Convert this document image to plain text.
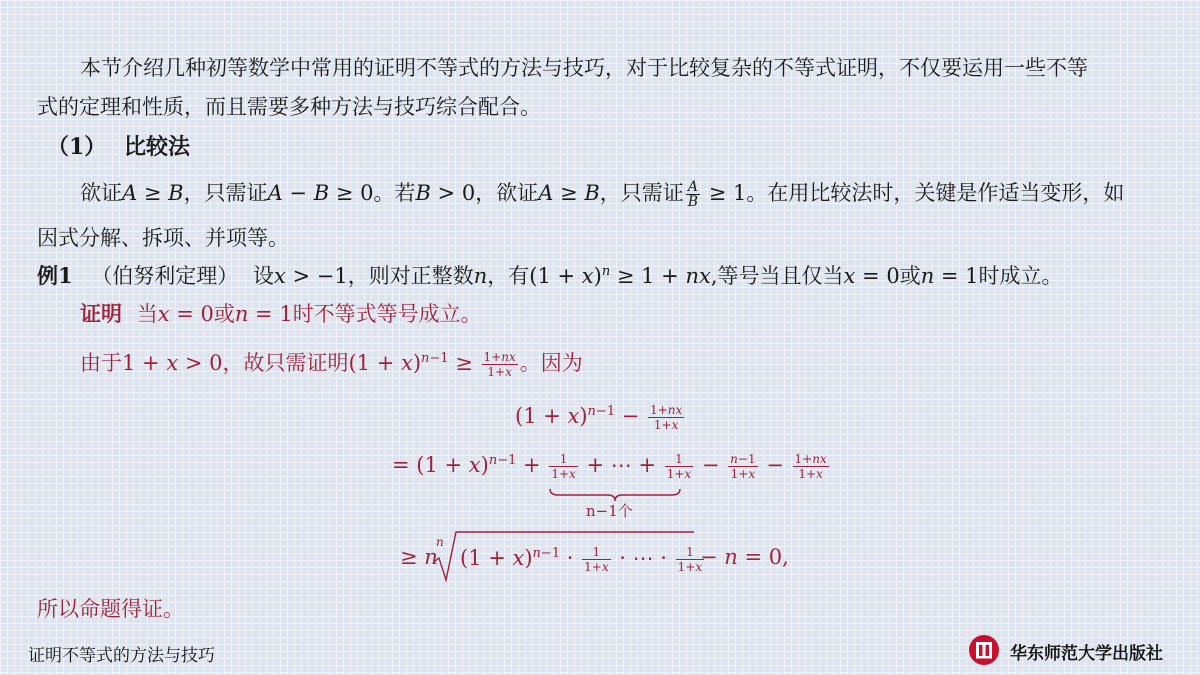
本节介绍几种初等数学中常用的证明不等式的方法与技巧，对于比较复杂的不等式证明，不仅要运用一些不等
式的定理和性质，而且需要多种方法与技巧综合配合。
（1） 比较法
欲证A ≥ B，只需证A − B ≥ 0。若B > 0，欲证A ≥ B，只需证 $\frac{A}{B} \ge 1$。在用比较法时，关键是作适当变形，如
因式分解、拆项、并项等。
例1 （伯努利定理） 设x > −1，则对正整数n，有$(1 + x)^n \ge 1$ + nx,等号当且仅当x = 0或n = 1时成立。
证明 当x = 0或n = 1时不等式等号成立。
由于1 + x > 0，故只需证明$(1 + x)^{n-1} \ge \frac{1+nx}{1+x}$ 。因为
$(1 + x)^{n-1} - \frac{1+nx}{1+x}$
= $(1 + x)^{n-1} + \frac{1}{1+x}$ + ⋯ + $\frac{1}{1+x} - \frac{n-1}{1+x} - \frac{1+nx}{1+x}$
n−1个
≥ n
n
$(1 + x)^{n-1} \cdot \frac{1}{1+x}$ · ⋯ · $\frac{1}{1+x}$
− n = 0,
所以命题得证。
证明不等式的方法与技巧	华东师范大学出版社
